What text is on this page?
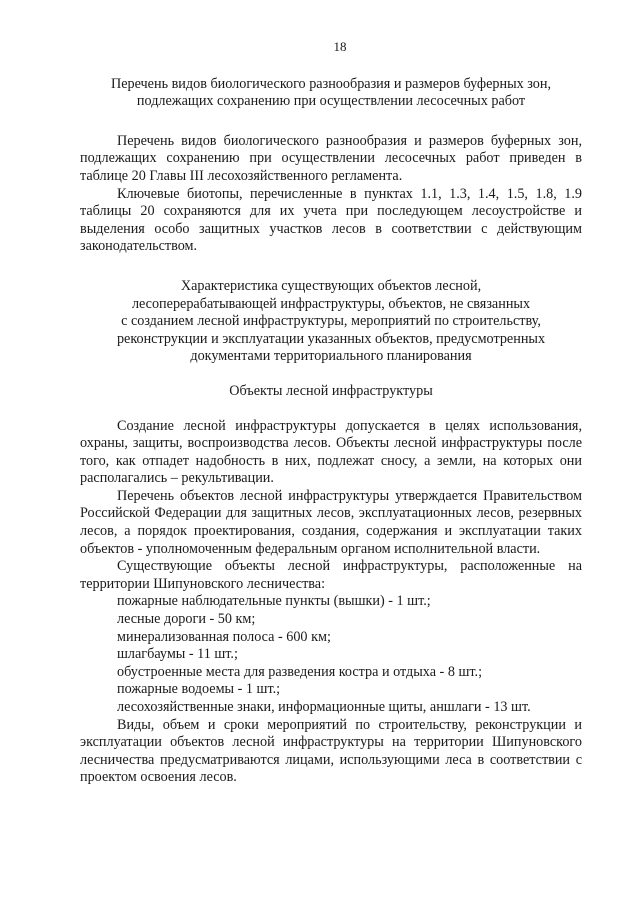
18
Перечень видов биологического разнообразия и размеров буферных зон,
подлежащих сохранению при осуществлении лесосечных работ

Перечень видов биологического разнообразия и размеров буферных зон, подлежащих сохранению при осуществлении лесосечных работ приведен в таблице 20 Главы III лесохозяйственного регламента.

Ключевые биотопы, перечисленные в пунктах 1.1, 1.3, 1.4, 1.5, 1.8, 1.9 таблицы 20 сохраняются для их учета при последующем лесоустройстве и выделения особо защитных участков лесов в соответствии с действующим законодательством.

Характеристика существующих объектов лесной,
лесоперерабатывающей инфраструктуры, объектов, не связанных
с созданием лесной инфраструктуры, мероприятий по строительству,
реконструкции и эксплуатации указанных объектов, предусмотренных
документами территориального планирования
Объекты лесной инфраструктуры

Создание лесной инфраструктуры допускается в целях использования, охраны, защиты, воспроизводства лесов. Объекты лесной инфраструктуры после того, как отпадет надобность в них, подлежат сносу, а земли, на которых они располагались – рекультивации.

Перечень объектов лесной инфраструктуры утверждается Правительством Российской Федерации для защитных лесов, эксплуатационных лесов, резервных лесов, а порядок проектирования, создания, содержания и эксплуатации таких объектов - уполномоченным федеральным органом исполнительной власти.

Существующие объекты лесной инфраструктуры, расположенные на территории Шипуновского лесничества:

пожарные наблюдательные пункты (вышки) - 1 шт.;
лесные дороги - 50 км;
минерализованная полоса - 600 км;
шлагбаумы - 11 шт.;
обустроенные места для разведения костра и отдыха - 8 шт.;
пожарные водоемы - 1 шт.;
лесохозяйственные знаки, информационные щиты, аншлаги - 13 шт.

Виды, объем и сроки мероприятий по строительству, реконструкции и эксплуатации объектов лесной инфраструктуры на территории Шипуновского лесничества предусматриваются лицами, использующими леса в соответствии с проектом освоения лесов.
